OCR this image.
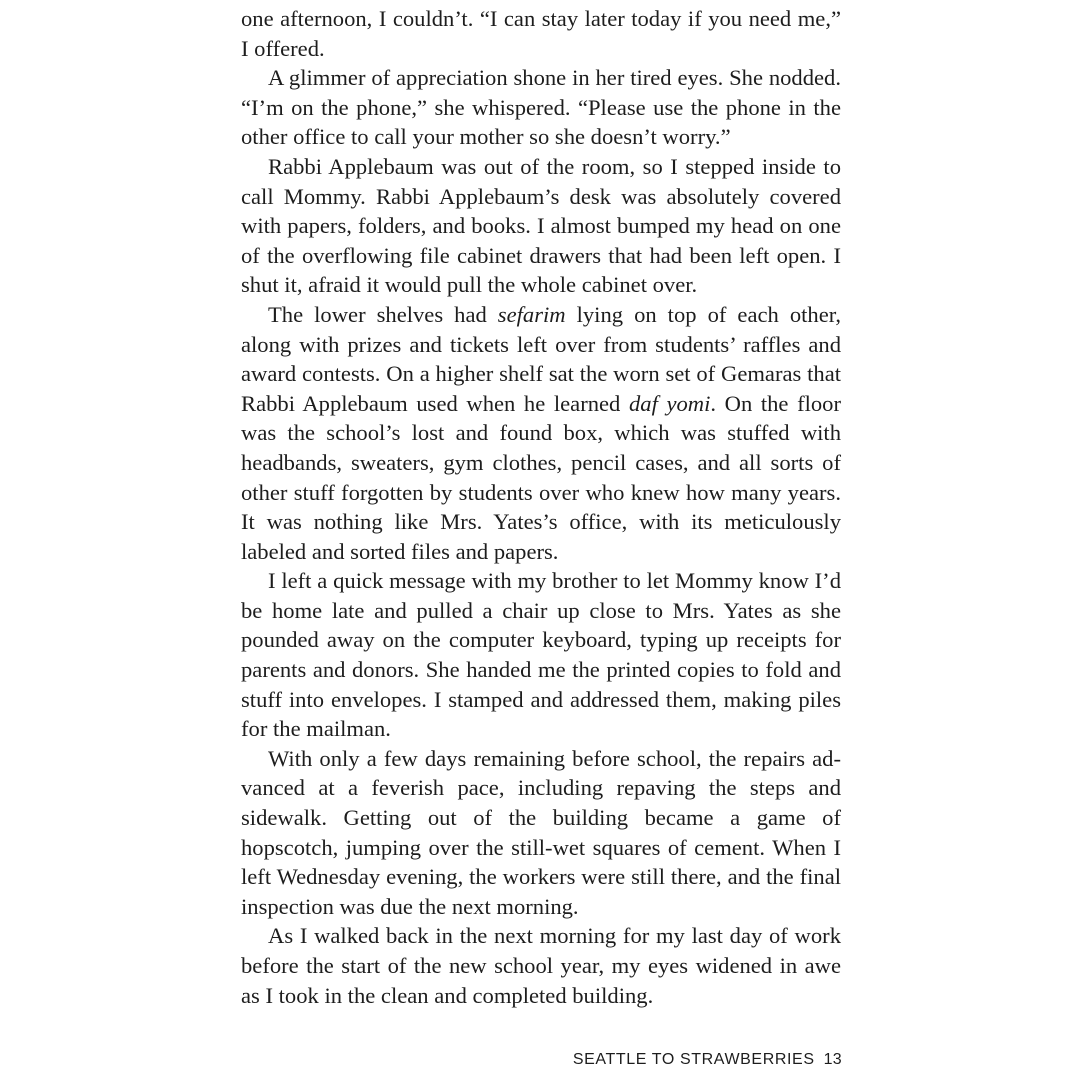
one afternoon, I couldn’t. “I can stay later today if you need me,” I offered.

A glimmer of appreciation shone in her tired eyes. She nodded. “I’m on the phone,” she whispered. “Please use the phone in the other office to call your mother so she doesn’t worry.”

Rabbi Applebaum was out of the room, so I stepped inside to call Mommy. Rabbi Applebaum’s desk was absolutely covered with papers, folders, and books. I almost bumped my head on one of the overflowing file cabinet drawers that had been left open. I shut it, afraid it would pull the whole cabinet over.

The lower shelves had sefarim lying on top of each other, along with prizes and tickets left over from students’ raffles and award contests. On a higher shelf sat the worn set of Gemaras that Rabbi Applebaum used when he learned daf yomi. On the floor was the school’s lost and found box, which was stuffed with headbands, sweaters, gym clothes, pencil cases, and all sorts of other stuff forgotten by students over who knew how many years. It was nothing like Mrs. Yates’s office, with its meticulously labeled and sorted files and papers.

I left a quick message with my brother to let Mommy know I’d be home late and pulled a chair up close to Mrs. Yates as she pounded away on the computer keyboard, typing up receipts for parents and donors. She handed me the printed copies to fold and stuff into envelopes. I stamped and addressed them, making piles for the mailman.

With only a few days remaining before school, the repairs advanced at a feverish pace, including repaving the steps and sidewalk. Getting out of the building became a game of hopscotch, jumping over the still-wet squares of cement. When I left Wednesday evening, the workers were still there, and the final inspection was due the next morning.

As I walked back in the next morning for my last day of work before the start of the new school year, my eyes widened in awe as I took in the clean and completed building.

SEATTLE TO STRAWBERRIES 13
